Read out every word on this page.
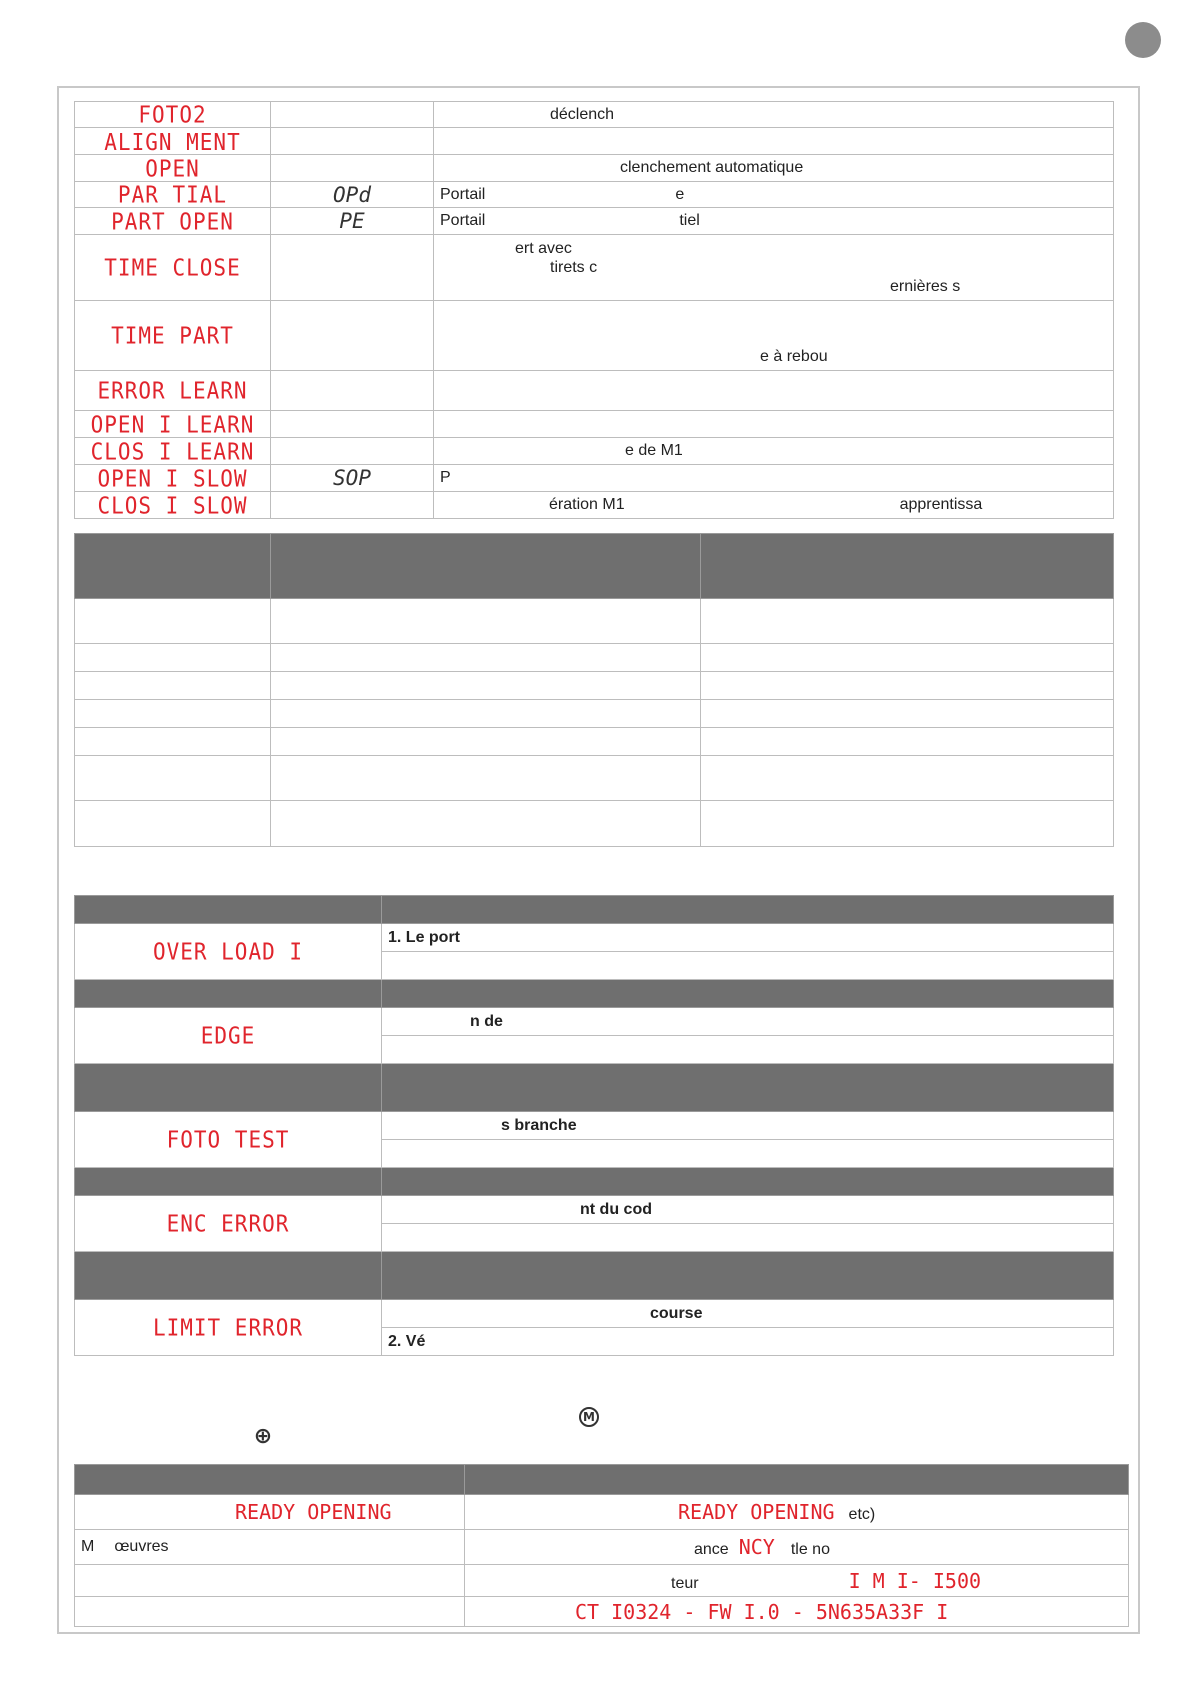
FOTO2		déclench
ALIGN MENT		
OPEN		clenchement automatique
PAR TIAL	OPd	Portail e
PART OPEN	PE	Portail tiel
TIME CLOSE		ert avec
tirets c
ernières s

TIME PART		e à rebou
ERROR LEARN		
OPEN I LEARN		
CLOS I LEARN		e de M1
OPEN I SLOW	SOP	P
CLOS I SLOW		ération M1 apprentissa

OVER LOAD I	1. Le port

EDGE	n de

FOTO TEST	s branche

ENC ERROR	nt du cod

LIMIT ERROR	course
	2. Vé
M
⊕

READY OPENING	READY OPENING etc)
M œuvres	ance NCY tle no
	teur I M I- I500
	CT I0324 - FW I.0 - 5N635A33F I
